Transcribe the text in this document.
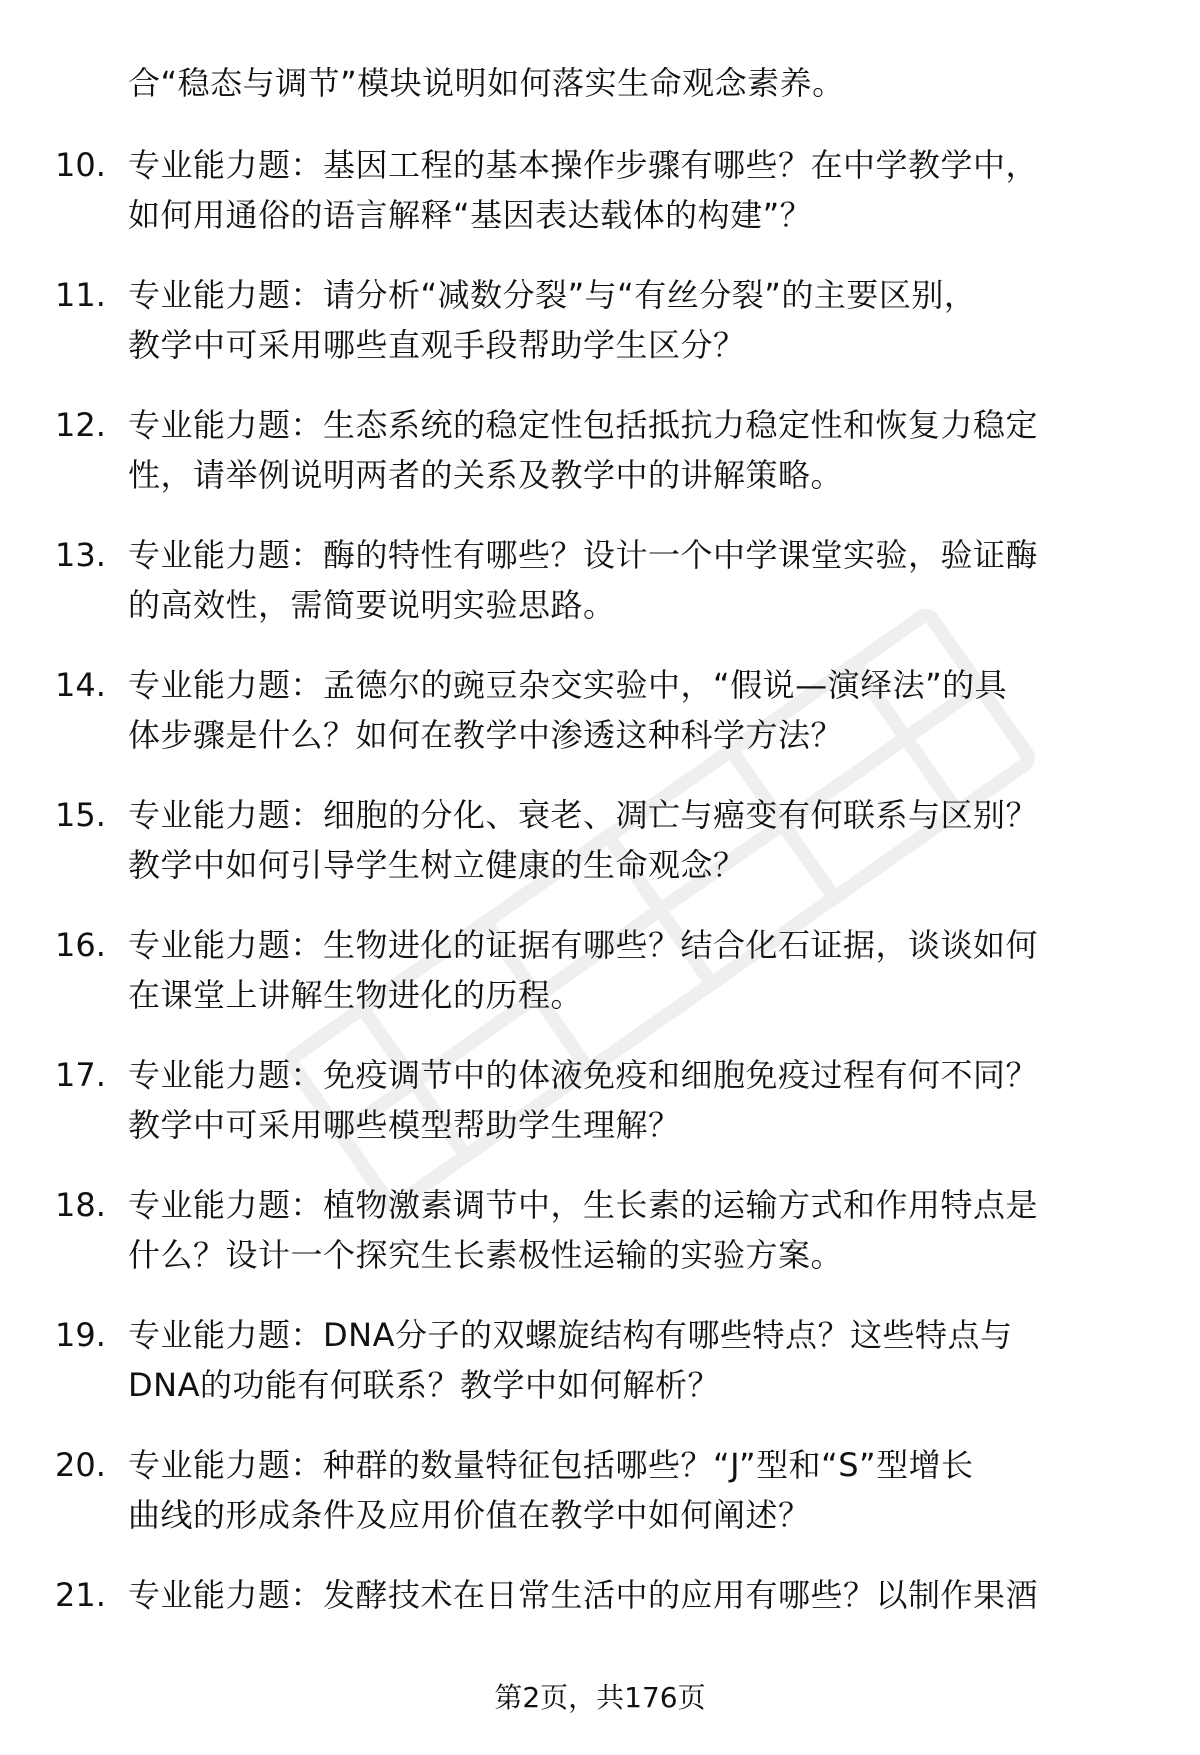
合“稳态与调节”模块说明如何落实生命观念素养。
10. 专业能力题：基因工程的基本操作步骤有哪些？在中学教学中，
如何用通俗的语言解释“基因表达载体的构建”？
11. 专业能力题：请分析“减数分裂”与“有丝分裂”的主要区别，
教学中可采用哪些直观手段帮助学生区分？
12. 专业能力题：生态系统的稳定性包括抵抗力稳定性和恢复力稳定
性，请举例说明两者的关系及教学中的讲解策略。
13. 专业能力题：酶的特性有哪些？设计一个中学课堂实验，验证酶
的高效性，需简要说明实验思路。
14. 专业能力题：孟德尔的豌豆杂交实验中，“假说—演绎法”的具
体步骤是什么？如何在教学中渗透这种科学方法？
15. 专业能力题：细胞的分化、衰老、凋亡与癌变有何联系与区别？
教学中如何引导学生树立健康的生命观念？
16. 专业能力题：生物进化的证据有哪些？结合化石证据，谈谈如何
在课堂上讲解生物进化的历程。
17. 专业能力题：免疫调节中的体液免疫和细胞免疫过程有何不同？
教学中可采用哪些模型帮助学生理解？
18. 专业能力题：植物激素调节中，生长素的运输方式和作用特点是
什么？设计一个探究生长素极性运输的实验方案。
19. 专业能力题：DNA分子的双螺旋结构有哪些特点？这些特点与
DNA的功能有何联系？教学中如何解析？
20. 专业能力题：种群的数量特征包括哪些？“J”型和“S”型增长
曲线的形成条件及应用价值在教学中如何阐述？
21. 专业能力题：发酵技术在日常生活中的应用有哪些？以制作果酒
第2页，共176页
